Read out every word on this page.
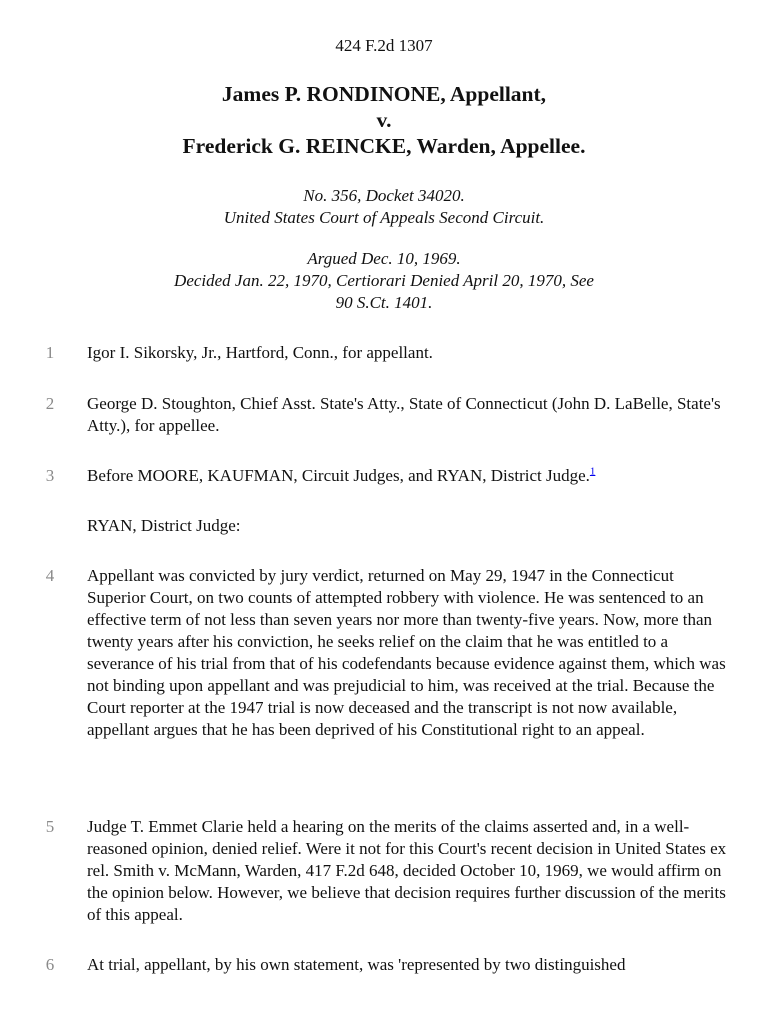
424 F.2d 1307
James P. RONDINONE, Appellant,
v.
Frederick G. REINCKE, Warden, Appellee.
No. 356, Docket 34020.
United States Court of Appeals Second Circuit.
Argued Dec. 10, 1969.
Decided Jan. 22, 1970, Certiorari Denied April 20, 1970, See
90 S.Ct. 1401.
1	Igor I. Sikorsky, Jr., Hartford, Conn., for appellant.
2	George D. Stoughton, Chief Asst. State's Atty., State of Connecticut (John D. LaBelle, State's Atty.), for appellee.
3	Before MOORE, KAUFMAN, Circuit Judges, and RYAN, District Judge.$^1$
RYAN, District Judge:
4	Appellant was convicted by jury verdict, returned on May 29, 1947 in the Connecticut Superior Court, on two counts of attempted robbery with violence. He was sentenced to an effective term of not less than seven years nor more than twenty-five years. Now, more than twenty years after his conviction, he seeks relief on the claim that he was entitled to a severance of his trial from that of his codefendants because evidence against them, which was not binding upon appellant and was prejudicial to him, was received at the trial. Because the Court reporter at the 1947 trial is now deceased and the transcript is not now available, appellant argues that he has been deprived of his Constitutional right to an appeal.
5	Judge T. Emmet Clarie held a hearing on the merits of the claims asserted and, in a well-reasoned opinion, denied relief. Were it not for this Court's recent decision in United States ex rel. Smith v. McMann, Warden, 417 F.2d 648, decided October 10, 1969, we would affirm on the opinion below. However, we believe that decision requires further discussion of the merits of this appeal.
6	At trial, appellant, by his own statement, was 'represented by two distinguished
